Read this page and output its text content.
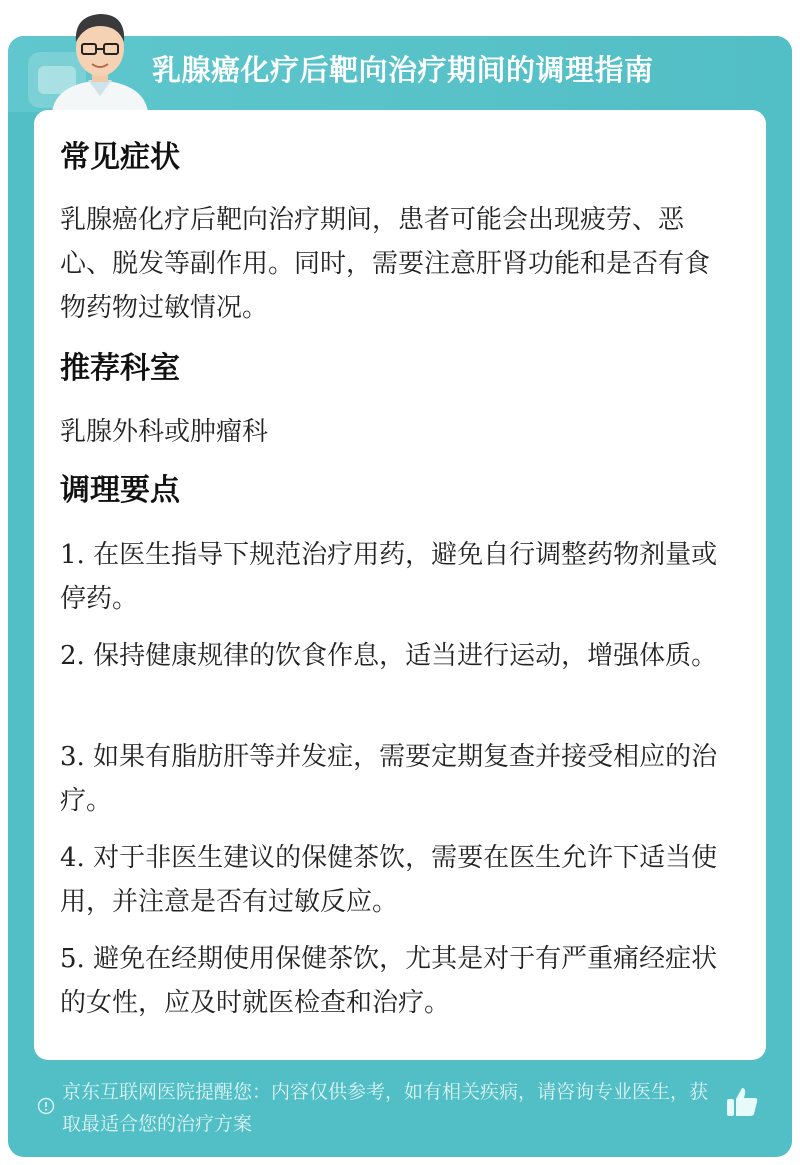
乳腺癌化疗后靶向治疗期间的调理指南
常见症状

乳腺癌化疗后靶向治疗期间，患者可能会出现疲劳、恶心、脱发等副作用。同时，需要注意肝肾功能和是否有食物药物过敏情况。

推荐科室

乳腺外科或肿瘤科

调理要点

1. 在医生指导下规范治疗用药，避免自行调整药物剂量或停药。

2. 保持健康规律的饮食作息，适当进行运动，增强体质。

3. 如果有脂肪肝等并发症，需要定期复查并接受相应的治疗。

4. 对于非医生建议的保健茶饮，需要在医生允许下适当使用，并注意是否有过敏反应。

5. 避免在经期使用保健茶饮，尤其是对于有严重痛经症状的女性，应及时就医检查和治疗。

京东互联网医院提醒您：内容仅供参考，如有相关疾病，请咨询专业医生，获取最适合您的治疗方案
